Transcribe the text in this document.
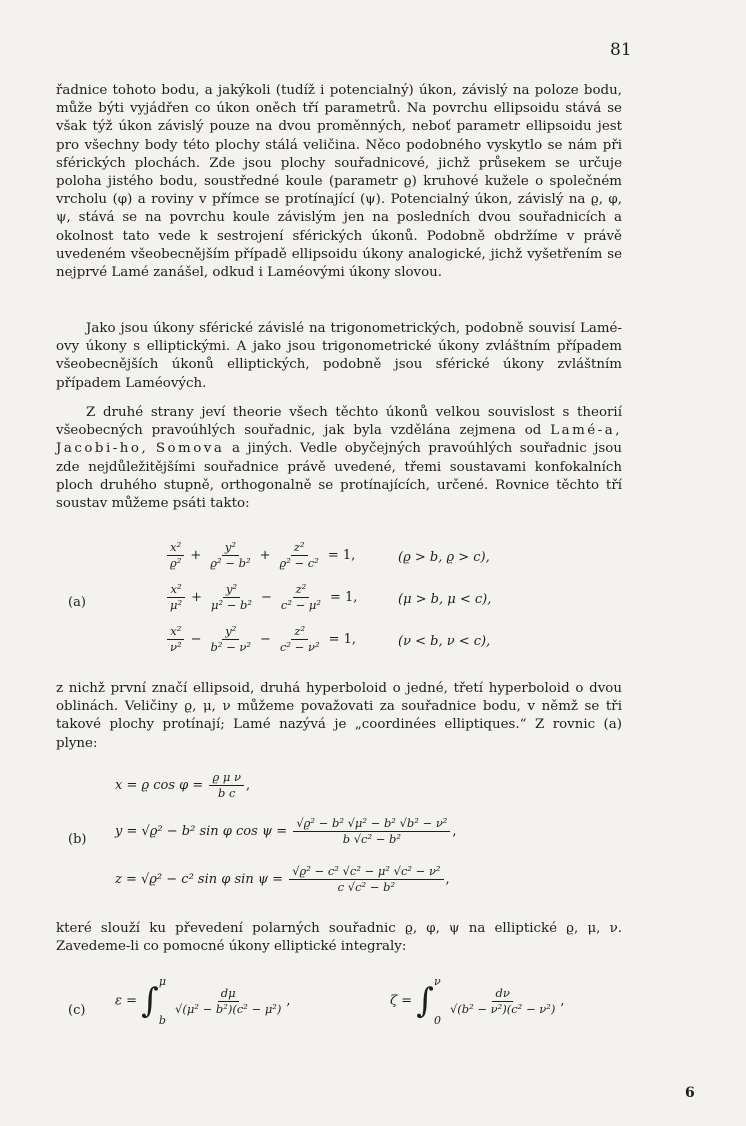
81

řadnice tohoto bodu, a jakýkoli (tudíž i potencialný) úkon, závislý na poloze bodu, může býti vyjádřen co úkon oněch tří parametrů. Na povrchu ellipsoidu stává se však týž úkon závislý pouze na dvou proměnných, neboť parametr ellipsoidu jest pro všechny body této plochy stálá veličina. Něco podobného vyskytlo se nám při sférických plochách. Zde jsou plochy souřadnicové, jichž průsekem se určuje poloha jistého bodu, soustředné koule (parametr ϱ) kruhové kužele o společném vrcholu (φ) a roviny v přímce se protínající (ψ). Potencialný úkon, závislý na ϱ, φ, ψ, stává se na povrchu koule závislým jen na posledních dvou souřadnicích a okolnost tato vede k sestrojení sférických úkonů. Podobně obdržíme v právě uvedeném všeobecnějším případě ellipsoidu úkony analogické, jichž vyšetřením se nejprvé Lamé zanášel, odkud i Laméovými úkony slovou.

Jako jsou úkony sférické závislé na trigonometrických, podobně souvisí Lamé-ovy úkony s elliptickými. A jako jsou trigonometrické úkony zvláštním případem všeobecnějších úkonů elliptických, podobně jsou sférické úkony zvláštním případem Laméových.

Z druhé strany jeví theorie všech těchto úkonů velkou souvislost s theorií všeobecných pravoúhlých souřadnic, jak byla vzdělána zejmena od Lamé-a, Jacobi-ho, Somova a jiných. Vedle obyčejných pravoúhlých souřadnic jsou zde nejdůležitějšími souřadnice právě uvedené, třemi soustavami konfokalních ploch druhého stupně, orthogonalně se protínajících, určené. Rovnice těchto tří soustav můžeme psáti takto:

(a)
$\frac{\text{x²}}{\text{ϱ²}} + \frac{\text{y²}}{\text{ϱ² − b²}} + \frac{\text{z²}}{\text{ϱ² − c²}} = 1$,	(ϱ > b, ϱ > c),
$\frac{\text{x²}}{\text{μ²}} + \frac{\text{y²}}{\text{μ² − b²}} - \frac{\text{z²}}{\text{c² − μ²}} = 1$,	(μ > b, μ < c),
$\frac{\text{x²}}{\text{ν²}} - \frac{\text{y²}}{\text{b² − ν²}} - \frac{\text{z²}}{\text{c² − ν²}} = 1$,	(ν < b, ν < c),

z nichž první značí ellipsoid, druhá hyperboloid o jedné, třetí hyperboloid o dvou oblinách. Veličiny ϱ, μ, ν můžeme považovati za souřadnice bodu, v němž se tři takové plochy protínají; Lamé nazývá je „coordinées elliptiques.“ Z rovnic (a) plyne:

(b)
x = ϱ $\cos \varphi = \frac{\text{ϱ μ ν}}{\text{b c}}$ ,
y = √ϱ² − b² sin φ $\cos \psi = \frac{\text{√ϱ² − b² √μ² − b² √b² − ν²}}{\text{b √c² − b²}}$ ,
z = √ϱ² − c² sin φ $\sin \psi = \frac{\text{√ϱ² − c² √c² − μ² √c² − ν²}}{\text{c √c² − b²}}$ ,

které slouží ku převedení polarných souřadnic ϱ, φ, ψ na elliptické ϱ, μ, ν. Zavedeme-li co pomocné úkony elliptické integraly:

(c)
ε = ∫ μ
b
$\frac{d\mu}{\text{√(μ² − b²)(c² − μ²)}}$ ,	ζ = ∫ ν
0
$\frac{d\nu}{\text{√(b² − ν²)(c² − ν²)}}$ ,
6
